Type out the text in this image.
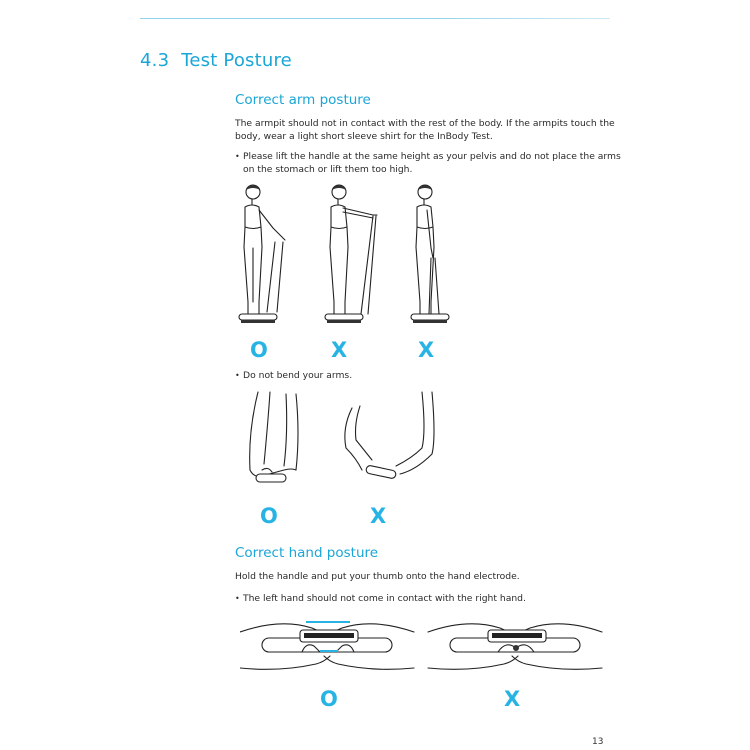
4.3 Test Posture
Correct arm posture
The armpit should not in contact with the rest of the body. If the armpits touch the body, wear a light short sleeve shirt for the InBody Test.
• Please lift the handle at the same height as your pelvis and do not place the arms on the stomach or lift them too high.
O	X	X
• Do not bend your arms.
O	X
Correct hand posture
Hold the handle and put your thumb onto the hand electrode.
• The left hand should not come in contact with the right hand.
O	X
13
